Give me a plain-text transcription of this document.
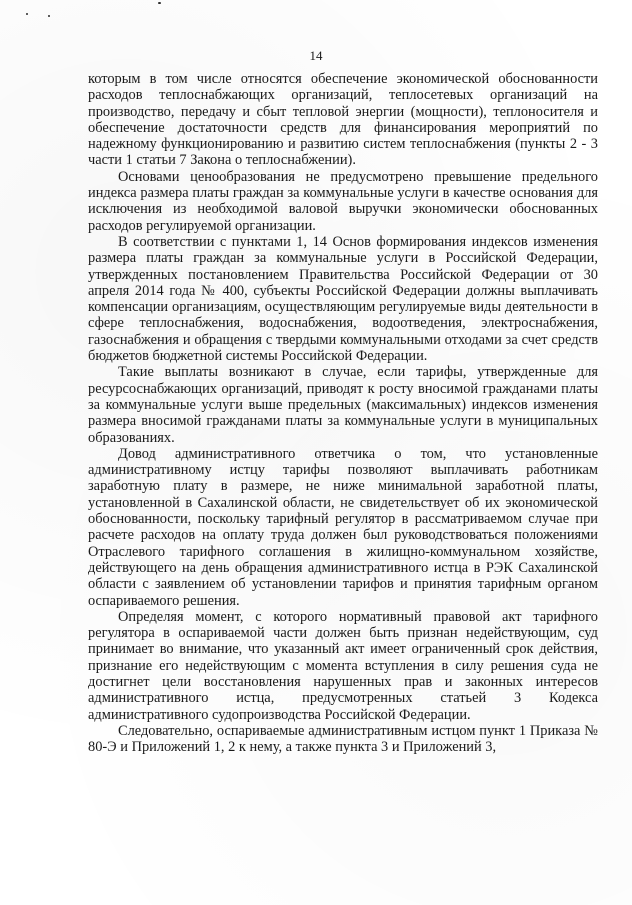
14

которым в том числе относятся обеспечение экономической обоснованности расходов теплоснабжающих организаций, теплосетевых организаций на производство, передачу и сбыт тепловой энергии (мощности), теплоносителя и обеспечение достаточности средств для финансирования мероприятий по надежному функционированию и развитию систем теплоснабжения (пункты 2 - 3 части 1 статьи 7 Закона о теплоснабжении).

Основами ценообразования не предусмотрено превышение предельного индекса размера платы граждан за коммунальные услуги в качестве основания для исключения из необходимой валовой выручки экономически обоснованных расходов регулируемой организации.

В соответствии с пунктами 1, 14 Основ формирования индексов изменения размера платы граждан за коммунальные услуги в Российской Федерации, утвержденных постановлением Правительства Российской Федерации от 30 апреля 2014 года № 400, субъекты Российской Федерации должны выплачивать компенсации организациям, осуществляющим регулируемые виды деятельности в сфере теплоснабжения, водоснабжения, водоотведения, электроснабжения, газоснабжения и обращения с твердыми коммунальными отходами за счет средств бюджетов бюджетной системы Российской Федерации.

Такие выплаты возникают в случае, если тарифы, утвержденные для ресурсоснабжающих организаций, приводят к росту вносимой гражданами платы за коммунальные услуги выше предельных (максимальных) индексов изменения размера вносимой гражданами платы за коммунальные услуги в муниципальных образованиях.

Довод административного ответчика о том, что установленные административному истцу тарифы позволяют выплачивать работникам заработную плату в размере, не ниже минимальной заработной платы, установленной в Сахалинской области, не свидетельствует об их экономической обоснованности, поскольку тарифный регулятор в рассматриваемом случае при расчете расходов на оплату труда должен был руководствоваться положениями Отраслевого тарифного соглашения в жилищно-коммунальном хозяйстве, действующего на день обращения административного истца в РЭК Сахалинской области с заявлением об установлении тарифов и принятия тарифным органом оспариваемого решения.

Определяя момент, с которого нормативный правовой акт тарифного регулятора в оспариваемой части должен быть признан недействующим, суд принимает во внимание, что указанный акт имеет ограниченный срок действия, признание его недействующим с момента вступления в силу решения суда не достигнет цели восстановления нарушенных прав и законных интересов административного истца, предусмотренных статьей 3 Кодекса административного судопроизводства Российской Федерации.

Следовательно, оспариваемые административным истцом пункт 1 Приказа № 80-Э и Приложений 1, 2 к нему, а также пункта 3 и Приложений 3,
